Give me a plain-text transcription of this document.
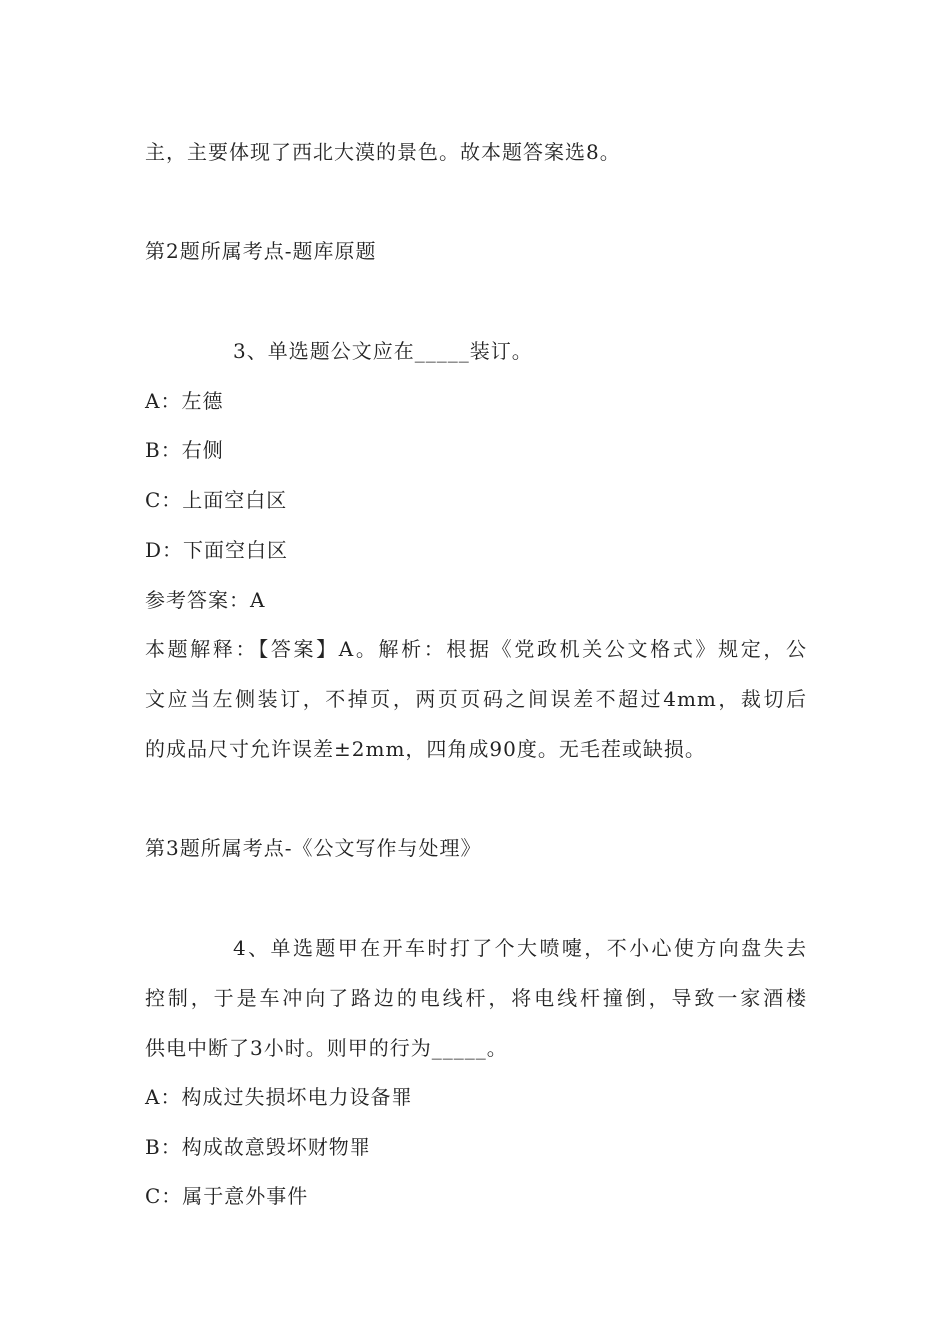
主，主要体现了西北大漠的景色。故本题答案选8。
第2题所属考点-题库原题
3、单选题公文应在_____装订。
A：左德
B：右侧
C：上面空白区
D：下面空白区
参考答案：A
本题解释：【答案】A。解析：根据《党政机关公文格式》规定，公
文应当左侧装订，不掉页，两页页码之间误差不超过4mm，裁切后
的成品尺寸允许误差±2mm，四角成90度。无毛茬或缺损。
第3题所属考点-《公文写作与处理》
4、单选题甲在开车时打了个大喷嚏，不小心使方向盘失去
控制，于是车冲向了路边的电线杆，将电线杆撞倒，导致一家酒楼
供电中断了3小时。则甲的行为_____。
A：构成过失损坏电力设备罪
B：构成故意毁坏财物罪
C：属于意外事件
